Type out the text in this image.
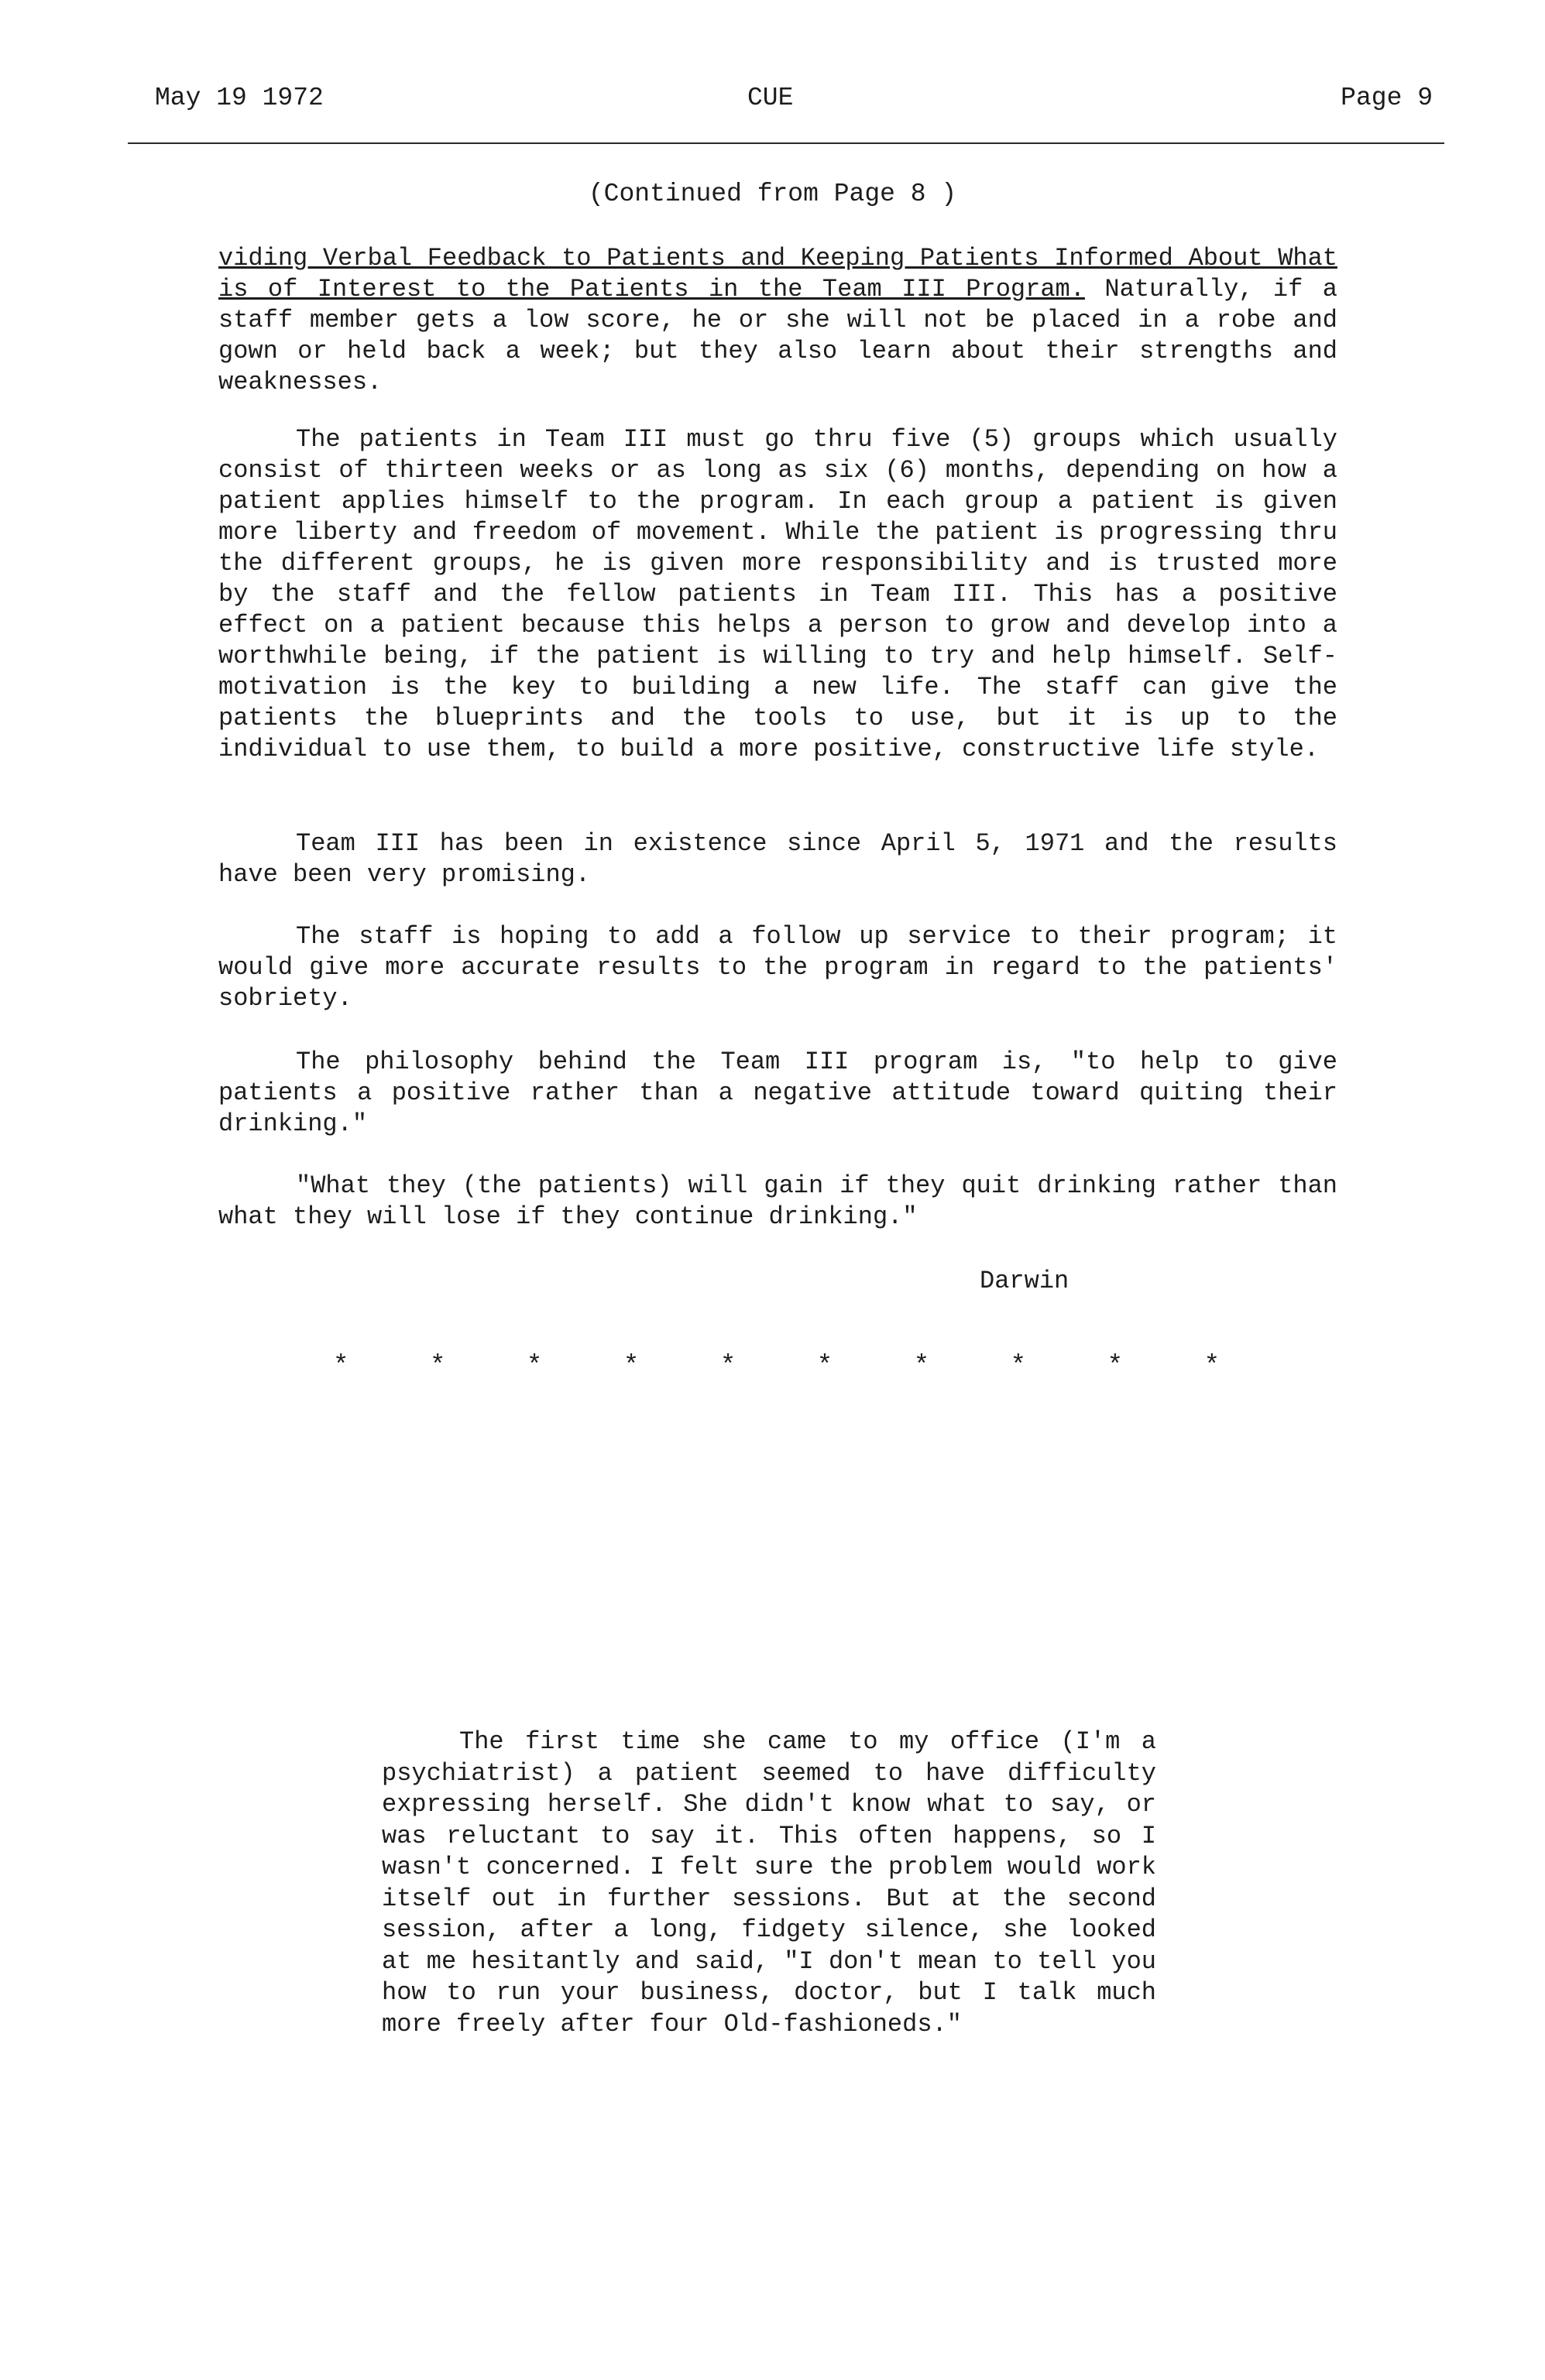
May 19 1972	CUE	Page 9
(Continued from Page 8 )

viding Verbal Feedback to Patients and Keeping Patients Informed About What is of Interest to the Patients in the Team III Program. Naturally, if a staff member gets a low score, he or she will not be placed in a robe and gown or held back a week; but they also learn about their strengths and weaknesses.

The patients in Team III must go thru five (5) groups which usually consist of thirteen weeks or as long as six (6) months, depending on how a patient applies himself to the program. In each group a patient is given more liberty and freedom of movement. While the patient is progressing thru the different groups, he is given more responsibility and is trusted more by the staff and the fellow patients in Team III. This has a positive effect on a patient because this helps a person to grow and develop into a worthwhile being, if the patient is willing to try and help himself. Self-motivation is the key to building a new life. The staff can give the patients the blueprints and the tools to use, but it is up to the individual to use them, to build a more positive, constructive life style.

Team III has been in existence since April 5, 1971 and the results have been very promising.

The staff is hoping to add a follow up service to their program; it would give more accurate results to the program in regard to the patients' sobriety.

The philosophy behind the Team III program is, "to help to give patients a positive rather than a negative attitude toward quiting their drinking."

"What they (the patients) will gain if they quit drinking rather than what they will lose if they continue drinking."

Darwin
*	*	*	*	*	*	*	*	*	*

The first time she came to my office (I'm a psychiatrist) a patient seemed to have difficulty expressing herself. She didn't know what to say, or was reluctant to say it. This often happens, so I wasn't concerned. I felt sure the problem would work itself out in further sessions. But at the second session, after a long, fidgety silence, she looked at me hesitantly and said, "I don't mean to tell you how to run your business, doctor, but I talk much more freely after four Old-fashioneds."
